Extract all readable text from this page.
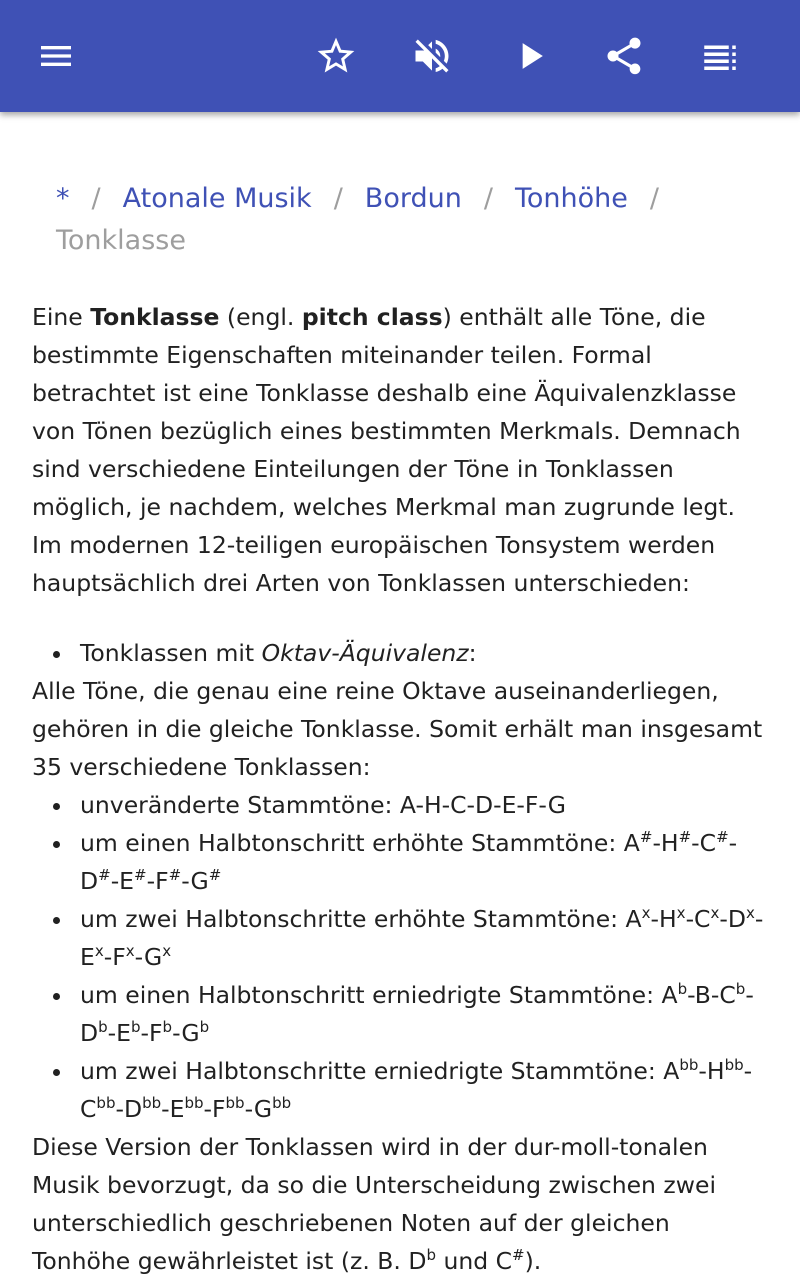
* / Atonale Musik / Bordun / Tonhöhe /
Tonklasse

Eine Tonklasse (engl. pitch class) enthält alle Töne, die bestimmte Eigenschaften miteinander teilen. Formal betrachtet ist eine Tonklasse deshalb eine Äquivalenzklasse von Tönen bezüglich eines bestimmten Merkmals. Demnach sind verschiedene Einteilungen der Töne in Tonklassen möglich, je nachdem, welches Merkmal man zugrunde legt. Im modernen 12-teiligen europäischen Tonsystem werden hauptsächlich drei Arten von Tonklassen unterschieden:

Tonklassen mit Oktav-Äquivalenz:

Alle Töne, die genau eine reine Oktave auseinanderliegen, gehören in die gleiche Tonklasse. Somit erhält man insgesamt 35 verschiedene Tonklassen:

unveränderte Stammtöne: A-H-C-D-E-F-G
um einen Halbtonschritt erhöhte Stammtöne: A#-H#-C#-D#-E#-F#-G#
um zwei Halbtonschritte erhöhte Stammtöne: $A^x-H^x-C^x-D^x-E^x-F^x-G^x$
um einen Halbtonschritt erniedrigte Stammtöne: $A^b-B-C^b-D^b-E^b-F^b-G^b$
um zwei Halbtonschritte erniedrigte Stammtöne: $A^{bb}-H^{bb}-C^{bb}-D^{bb}-E^{bb}-F^{bb}-G^{bb}$

Diese Version der Tonklassen wird in der dur-moll-tonalen Musik bevorzugt, da so die Unterscheidung zwischen zwei unterschiedlich geschriebenen Noten auf der gleichen Tonhöhe gewährleistet ist (z. B. $D^b$ und C#).
